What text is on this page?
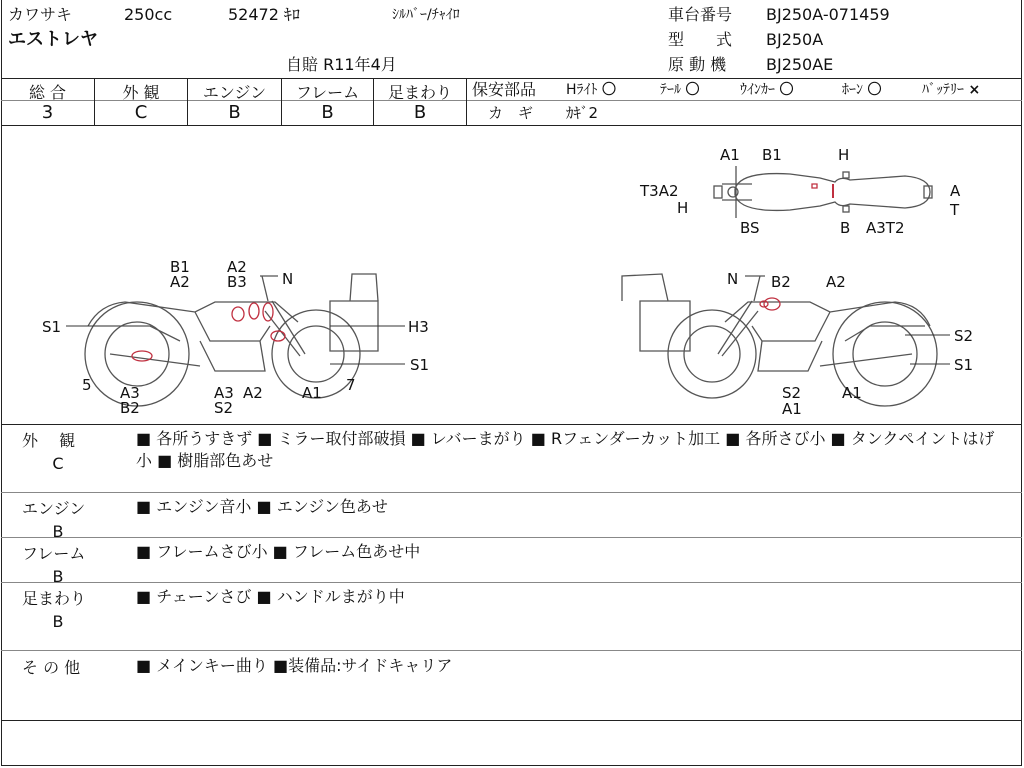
カワサキ	250cc	52472 ｷﾛ	ｼﾙﾊﾞｰ/ﾁｬｲﾛ
エストレヤ
自賠 R11年4月
車台番号 BJ250A-071459
型　　式 BJ250A
原 動 機 BJ250AE
総 合	外 観	エンジン	フレーム	足まわり
3	C	B	B	B
保安部品 Hﾗｲﾄ 〇	ﾃｰﾙ 〇	ｳｲﾝｶｰ 〇	ﾎｰﾝ 〇	ﾊﾞｯﾃﾘｰ ×
カ　ギ ｶｷﾞ2
A1 B1	H
T3A2
H
BS	B A3T2
A
T
B1
A2
A2
B3 N
S1	H3
5 A3
B2
A3
S2
A2	A1 7
S1
N B2 A2
S2
S1
S2
A1
A1
外　 観
C
■ 各所うすきず ■ ミラー取付部破損 ■ レバーまがり ■ Rフェンダーカット加工 ■ 各所さび小 ■ タンクペイントはげ小 ■ 樹脂部色あせ
エンジン
B
■ エンジン音小 ■ エンジン色あせ
フレーム
B
■ フレームさび小 ■ フレーム色あせ中
足まわり
B
■ チェーンさび ■ ハンドルまがり中
そ の 他	■ メインキー曲り ■装備品:サイドキャリア
